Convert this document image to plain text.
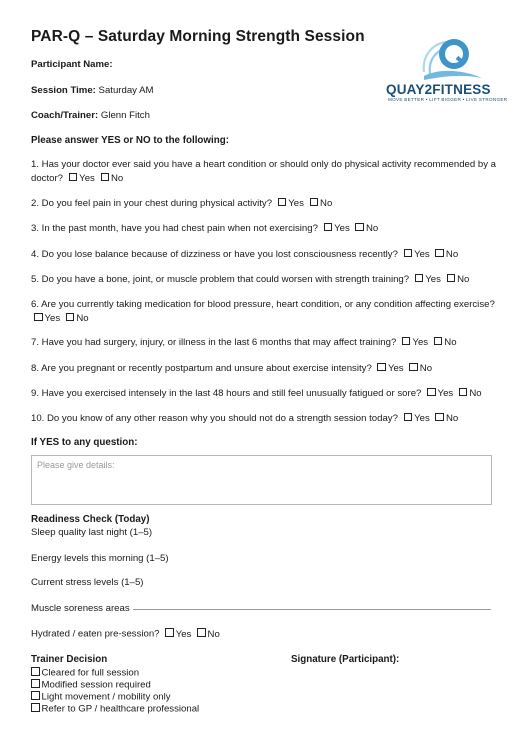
PAR-Q – Saturday Morning Strength Session
QUAY2FITNESS
MOVE BETTER • LIFT BIGGER • LIVE STRONGER
Participant Name:
Session Time: Saturday AM
Coach/Trainer: Glenn Fitch
Please answer YES or NO to the following:
1. Has your doctor ever said you have a heart condition or should only do physical activity recommended by a doctor? Yes No
2. Do you feel pain in your chest during physical activity? Yes No
3. In the past month, have you had chest pain when not exercising? Yes No
4. Do you lose balance because of dizziness or have you lost consciousness recently? Yes No
5. Do you have a bone, joint, or muscle problem that could worsen with strength training? Yes No
6. Are you currently taking medication for blood pressure, heart condition, or any condition affecting exercise? Yes No
7. Have you had surgery, injury, or illness in the last 6 months that may affect training? Yes No
8. Are you pregnant or recently postpartum and unsure about exercise intensity? Yes No
9. Have you exercised intensely in the last 48 hours and still feel unusually fatigued or sore? Yes No
10. Do you know of any other reason why you should not do a strength session today? Yes No
If YES to any question:
Please give details:
Readiness Check (Today)
Sleep quality last night (1–5)
Energy levels this morning (1–5)
Current stress levels (1–5)
Muscle soreness areas
Hydrated / eaten pre-session? Yes No
Trainer Decision
Cleared for full session
Modified session required
Light movement / mobility only
Refer to GP / healthcare professional
Signature (Participant):
